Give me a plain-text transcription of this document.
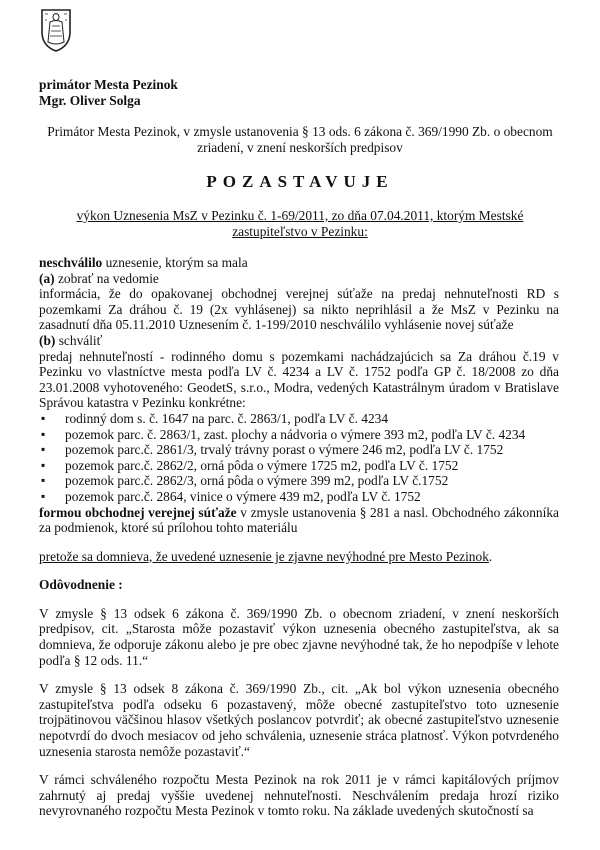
primátor Mesta Pezinok
Mgr. Oliver Solga
Primátor Mesta Pezinok, v zmysle ustanovenia § 13 ods. 6 zákona č. 369/1990 Zb. o obecnom zriadení, v znení neskorších predpisov
POZASTAVUJE
výkon Uznesenia MsZ v Pezinku č. 1-69/2011, zo dňa 07.04.2011, ktorým Mestské zastupiteľstvo v Pezinku:

neschválilo uznesenie, ktorým sa mala

(a) zobrať na vedomie

informácia, že do opakovanej obchodnej verejnej súťaže na predaj nehnuteľnosti RD s pozemkami Za dráhou č. 19 (2x vyhlásenej) sa nikto neprihlásil a že MsZ v Pezinku na zasadnutí dňa 05.11.2010 Uznesením č. 1-199/2010 neschválilo vyhlásenie novej súťaže

(b) schváliť

predaj nehnuteľností - rodinného domu s pozemkami nachádzajúcich sa Za dráhou č.19 v Pezinku vo vlastníctve mesta podľa LV č. 4234 a LV č. 1752 podľa GP č. 18/2008 zo dňa 23.01.2008 vyhotoveného: GeodetS, s.r.o., Modra, vedených Katastrálnym úradom v Bratislave Správou katastra v Pezinku konkrétne:

▪ rodinný dom s. č. 1647 na parc. č. 2863/1, podľa LV č. 4234
▪ pozemok parc. č. 2863/1, zast. plochy a nádvoria o výmere 393 m2, podľa LV č. 4234
▪ pozemok parc.č. 2861/3, trvalý trávny porast o výmere 246 m2, podľa LV č. 1752
▪ pozemok parc.č. 2862/2, orná pôda o výmere 1725 m2, podľa LV č. 1752
▪ pozemok parc.č. 2862/3, orná pôda o výmere 399 m2, podľa LV č.1752
▪ pozemok parc.č. 2864, vinice o výmere 439 m2, podľa LV č. 1752

formou obchodnej verejnej súťaže v zmysle ustanovenia § 281 a nasl. Obchodného zákonníka za podmienok, ktoré sú prílohou tohto materiálu

pretože sa domnieva, že uvedené uznesenie je zjavne nevýhodné pre Mesto Pezinok.

Odôvodnenie :

V zmysle § 13 odsek 6 zákona č. 369/1990 Zb. o obecnom zriadení, v znení neskorších predpisov, cit. „Starosta môže pozastaviť výkon uznesenia obecného zastupiteľstva, ak sa domnieva, že odporuje zákonu alebo je pre obec zjavne nevýhodné tak, že ho nepodpíše v lehote podľa § 12 ods. 11.“

V zmysle § 13 odsek 8 zákona č. 369/1990 Zb., cit. „Ak bol výkon uznesenia obecného zastupiteľstva podľa odseku 6 pozastavený, môže obecné zastupiteľstvo toto uznesenie trojpätinovou väčšinou hlasov všetkých poslancov potvrdiť; ak obecné zastupiteľstvo uznesenie nepotvrdí do dvoch mesiacov od jeho schválenia, uznesenie stráca platnosť. Výkon potvrdeného uznesenia starosta nemôže pozastaviť.“

V rámci schváleného rozpočtu Mesta Pezinok na rok 2011 je v rámci kapitálových príjmov zahrnutý aj predaj vyššie uvedenej nehnuteľnosti. Neschválením predaja hrozí riziko nevyrovnaného rozpočtu Mesta Pezinok v tomto roku. Na základe uvedených skutočností sa
